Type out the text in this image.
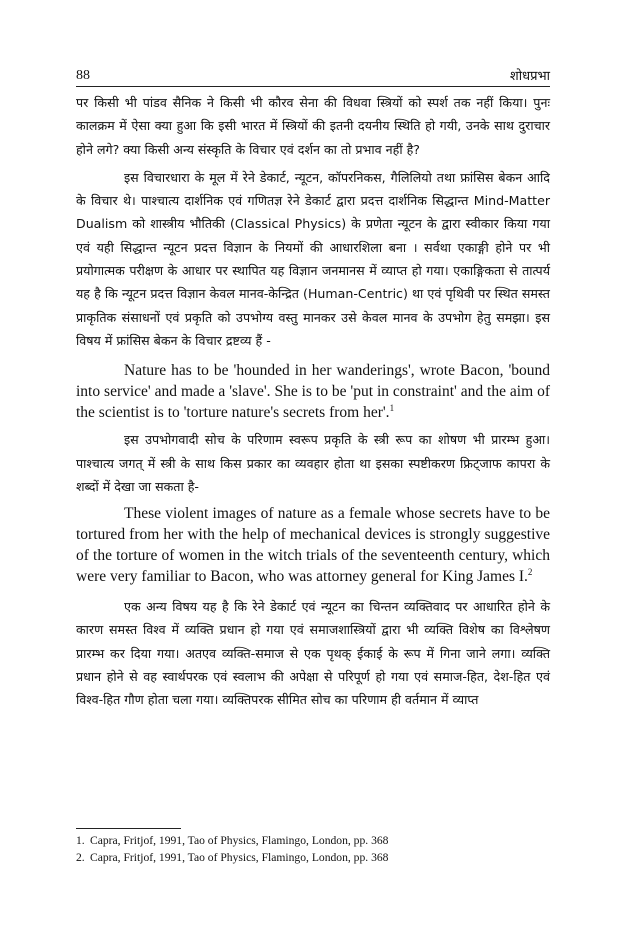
88	शोधप्रभा

पर किसी भी पांडव सैनिक ने किसी भी कौरव सेना की विधवा स्त्रियों को स्पर्श तक नहीं किया। पुनः कालक्रम में ऐसा क्या हुआ कि इसी भारत में स्त्रियों की इतनी दयनीय स्थिति हो गयी, उनके साथ दुराचार होने लगे? क्या किसी अन्य संस्कृति के विचार एवं दर्शन का तो प्रभाव नहीं है?

इस विचारधारा के मूल में रेने डेकार्ट, न्यूटन, कॉपरनिकस, गैलिलियो तथा फ्रांसिस बेकन आदि के विचार थे। पाश्चात्य दार्शनिक एवं गणितज्ञ रेने डेकार्ट द्वारा प्रदत्त दार्शनिक सिद्धान्त Mind-Matter Dualism को शास्त्रीय भौतिकी (Classical Physics) के प्रणेता न्यूटन के द्वारा स्वीकार किया गया एवं यही सिद्धान्त न्यूटन प्रदत्त विज्ञान के नियमों की आधारशिला बना । सर्वथा एकाङ्गी होने पर भी प्रयोगात्मक परीक्षण के आधार पर स्थापित यह विज्ञान जनमानस में व्याप्त हो गया। एकाङ्गिकता से तात्पर्य यह है कि न्यूटन प्रदत्त विज्ञान केवल मानव-केन्द्रित (Human-Centric) था एवं पृथिवी पर स्थित समस्त प्राकृतिक संसाधनों एवं प्रकृति को उपभोग्य वस्तु मानकर उसे केवल मानव के उपभोग हेतु समझा। इस विषय में फ्रांसिस बेकन के विचार द्रष्टव्य हैं -

Nature has to be 'hounded in her wanderings', wrote Bacon, 'bound into service' and made a 'slave'. She is to be 'put in constraint' and the aim of the scientist is to 'torture nature's secrets from her'.$^1$

इस उपभोगवादी सोच के परिणाम स्वरूप प्रकृति के स्त्री रूप का शोषण भी प्रारम्भ हुआ। पाश्चात्य जगत् में स्त्री के साथ किस प्रकार का व्यवहार होता था इसका स्पष्टीकरण फ्रिट्जाफ कापरा के शब्दों में देखा जा सकता है-

These violent images of nature as a female whose secrets have to be tortured from her with the help of mechanical devices is strongly suggestive of the torture of women in the witch trials of the seventeenth century, which were very familiar to Bacon, who was attorney general for King James I.$^2$

एक अन्य विषय यह है कि रेने डेकार्ट एवं न्यूटन का चिन्तन व्यक्तिवाद पर आधारित होने के कारण समस्त विश्व में व्यक्ति प्रधान हो गया एवं समाजशास्त्रियों द्वारा भी व्यक्ति विशेष का विश्लेषण प्रारम्भ कर दिया गया। अतएव व्यक्ति-समाज से एक पृथक् ईकाई के रूप में गिना जाने लगा। व्यक्ति प्रधान होने से वह स्वार्थपरक एवं स्वलाभ की अपेक्षा से परिपूर्ण हो गया एवं समाज-हित, देश-हित एवं विश्व-हित गौण होता चला गया। व्यक्तिपरक सीमित सोच का परिणाम ही वर्तमान में व्याप्त

1. Capra, Fritjof, 1991, Tao of Physics, Flamingo, London, pp. 368
2. Capra, Fritjof, 1991, Tao of Physics, Flamingo, London, pp. 368
